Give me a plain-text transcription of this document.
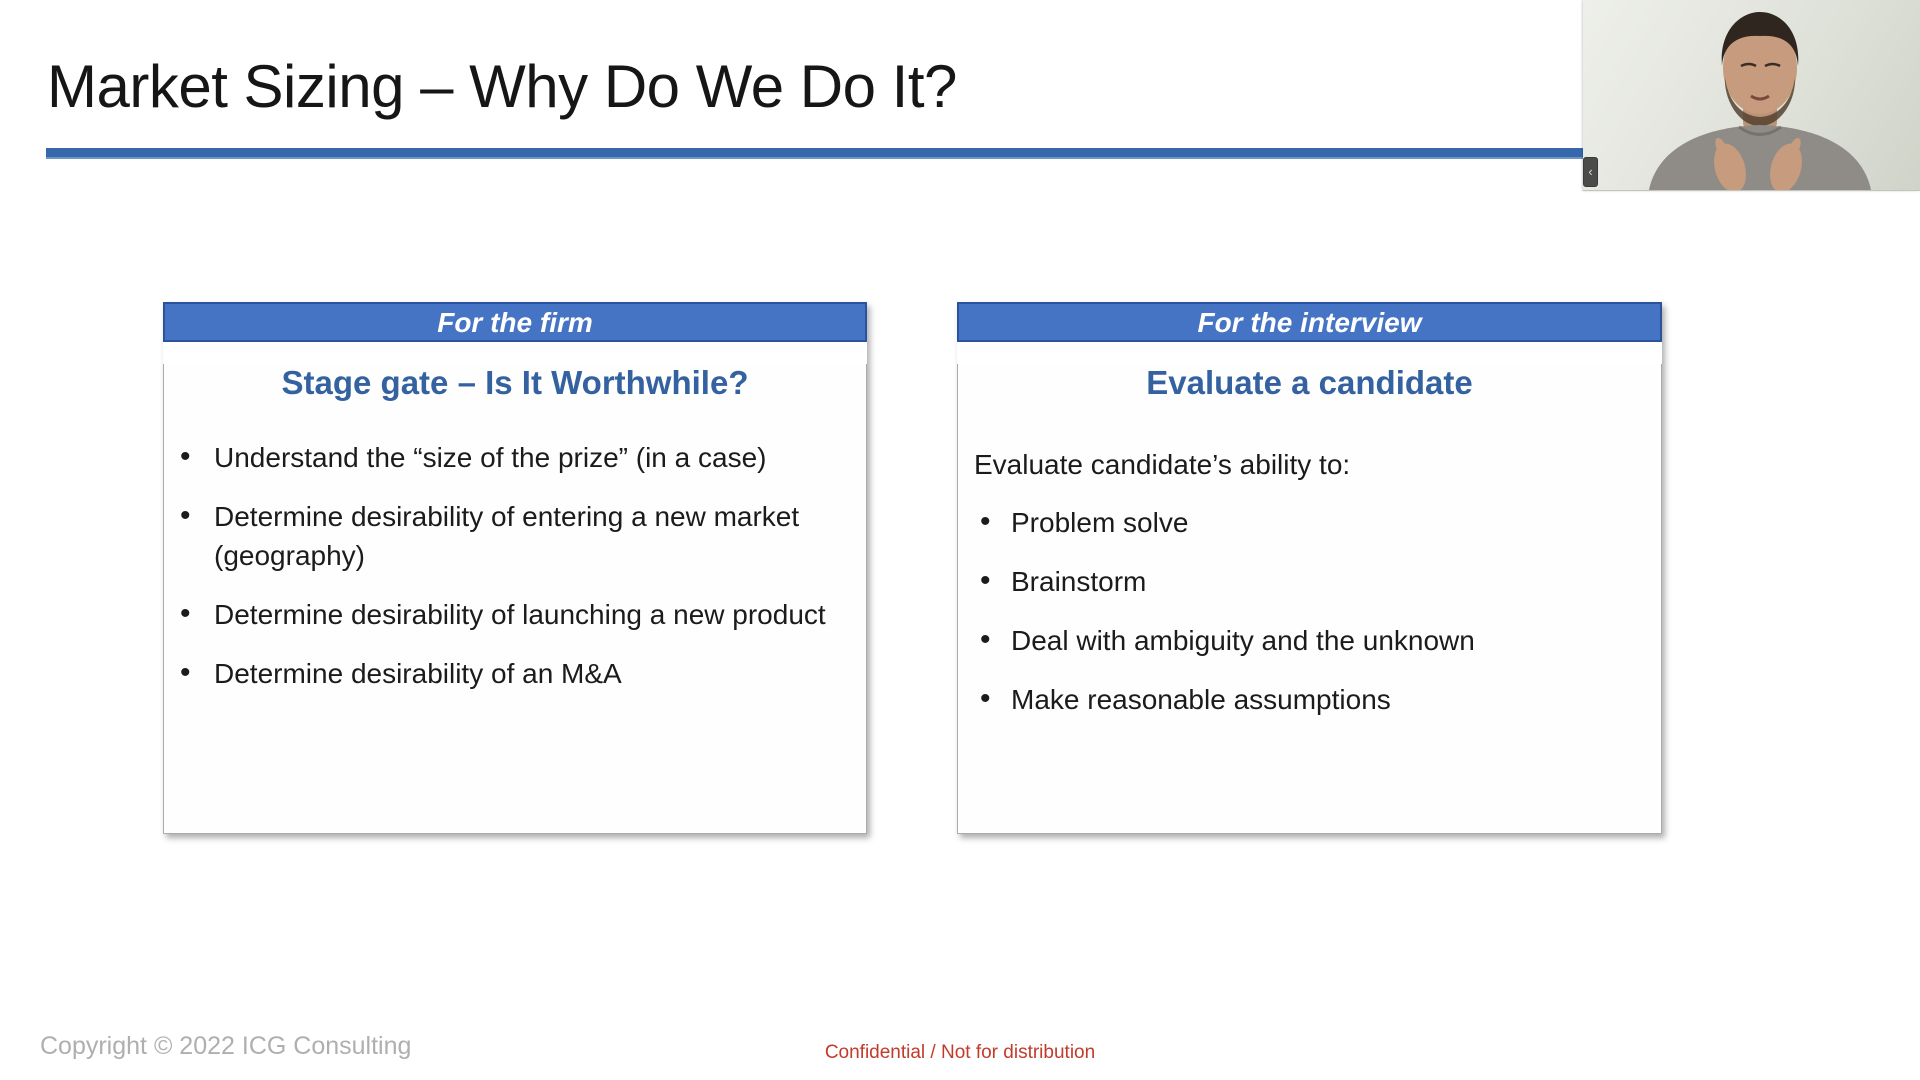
Market Sizing – Why Do We Do It?
For the firm
Stage gate – Is It Worthwhile?
• Understand the “size of the prize” (in a case)
• Determine desirability of entering a new market (geography)
• Determine desirability of launching a new product
• Determine desirability of an M&A
For the interview
Evaluate a candidate

Evaluate candidate’s ability to:

• Problem solve
• Brainstorm
• Deal with ambiguity and the unknown
• Make reasonable assumptions
Copyright © 2022 ICG Consulting	Confidential / Not for distribution
‹
